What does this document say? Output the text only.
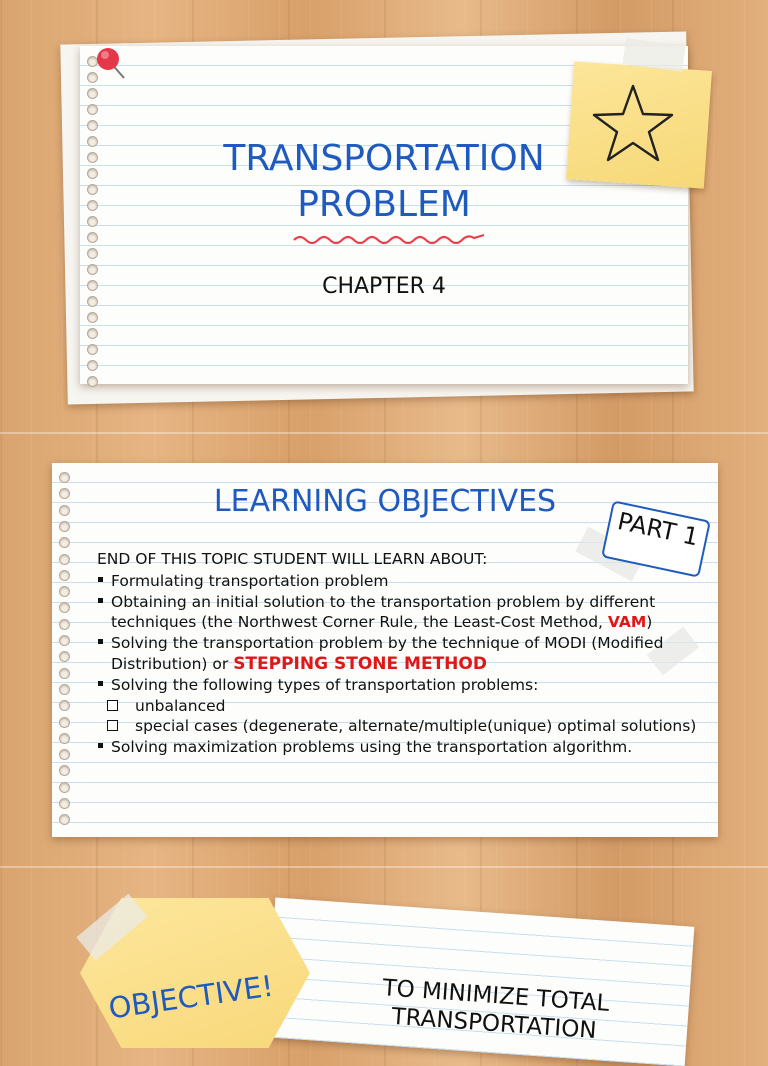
TRANSPORTATION
PROBLEM
CHAPTER 4
LEARNING OBJECTIVES
PART 1
END OF THIS TOPIC STUDENT WILL LEARN ABOUT:
Formulating transportation problem
Obtaining an initial solution to the transportation problem by different techniques (the Northwest Corner Rule, the Least-Cost Method, VAM)
Solving the transportation problem by the technique of MODI (Modified Distribution) or STEPPING STONE METHOD
Solving the following types of transportation problems:
unbalanced
special cases (degenerate, alternate/multiple(unique) optimal solutions)
Solving maximization problems using the transportation algorithm.
OBJECTIVE!	TO MINIMIZE TOTAL TRANSPORTATION
